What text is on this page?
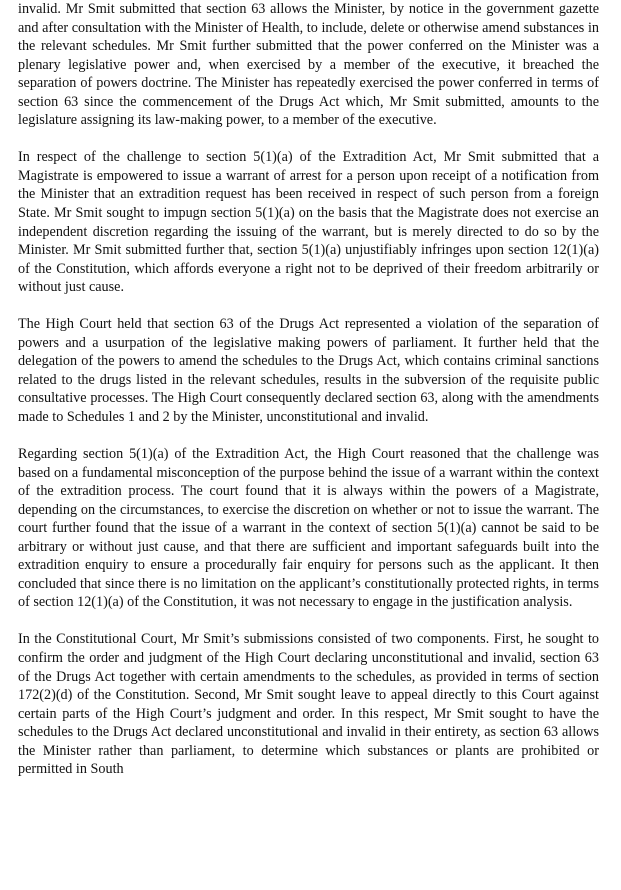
invalid. Mr Smit submitted that section 63 allows the Minister, by notice in the government gazette and after consultation with the Minister of Health, to include, delete or otherwise amend substances in the relevant schedules. Mr Smit further submitted that the power conferred on the Minister was a plenary legislative power and, when exercised by a member of the executive, it breached the separation of powers doctrine. The Minister has repeatedly exercised the power conferred in terms of section 63 since the commencement of the Drugs Act which, Mr Smit submitted, amounts to the legislature assigning its law-making power, to a member of the executive.

In respect of the challenge to section 5(1)(a) of the Extradition Act, Mr Smit submitted that a Magistrate is empowered to issue a warrant of arrest for a person upon receipt of a notification from the Minister that an extradition request has been received in respect of such person from a foreign State. Mr Smit sought to impugn section 5(1)(a) on the basis that the Magistrate does not exercise an independent discretion regarding the issuing of the warrant, but is merely directed to do so by the Minister. Mr Smit submitted further that, section 5(1)(a) unjustifiably infringes upon section 12(1)(a) of the Constitution, which affords everyone a right not to be deprived of their freedom arbitrarily or without just cause.

The High Court held that section 63 of the Drugs Act represented a violation of the separation of powers and a usurpation of the legislative making powers of parliament. It further held that the delegation of the powers to amend the schedules to the Drugs Act, which contains criminal sanctions related to the drugs listed in the relevant schedules, results in the subversion of the requisite public consultative processes. The High Court consequently declared section 63, along with the amendments made to Schedules 1 and 2 by the Minister, unconstitutional and invalid.

Regarding section 5(1)(a) of the Extradition Act, the High Court reasoned that the challenge was based on a fundamental misconception of the purpose behind the issue of a warrant within the context of the extradition process. The court found that it is always within the powers of a Magistrate, depending on the circumstances, to exercise the discretion on whether or not to issue the warrant. The court further found that the issue of a warrant in the context of section 5(1)(a) cannot be said to be arbitrary or without just cause, and that there are sufficient and important safeguards built into the extradition enquiry to ensure a procedurally fair enquiry for persons such as the applicant. It then concluded that since there is no limitation on the applicant’s constitutionally protected rights, in terms of section 12(1)(a) of the Constitution, it was not necessary to engage in the justification analysis.

In the Constitutional Court, Mr Smit’s submissions consisted of two components. First, he sought to confirm the order and judgment of the High Court declaring unconstitutional and invalid, section 63 of the Drugs Act together with certain amendments to the schedules, as provided in terms of section 172(2)(d) of the Constitution. Second, Mr Smit sought leave to appeal directly to this Court against certain parts of the High Court’s judgment and order. In this respect, Mr Smit sought to have the schedules to the Drugs Act declared unconstitutional and invalid in their entirety, as section 63 allows the Minister rather than parliament, to determine which substances or plants are prohibited or permitted in South
